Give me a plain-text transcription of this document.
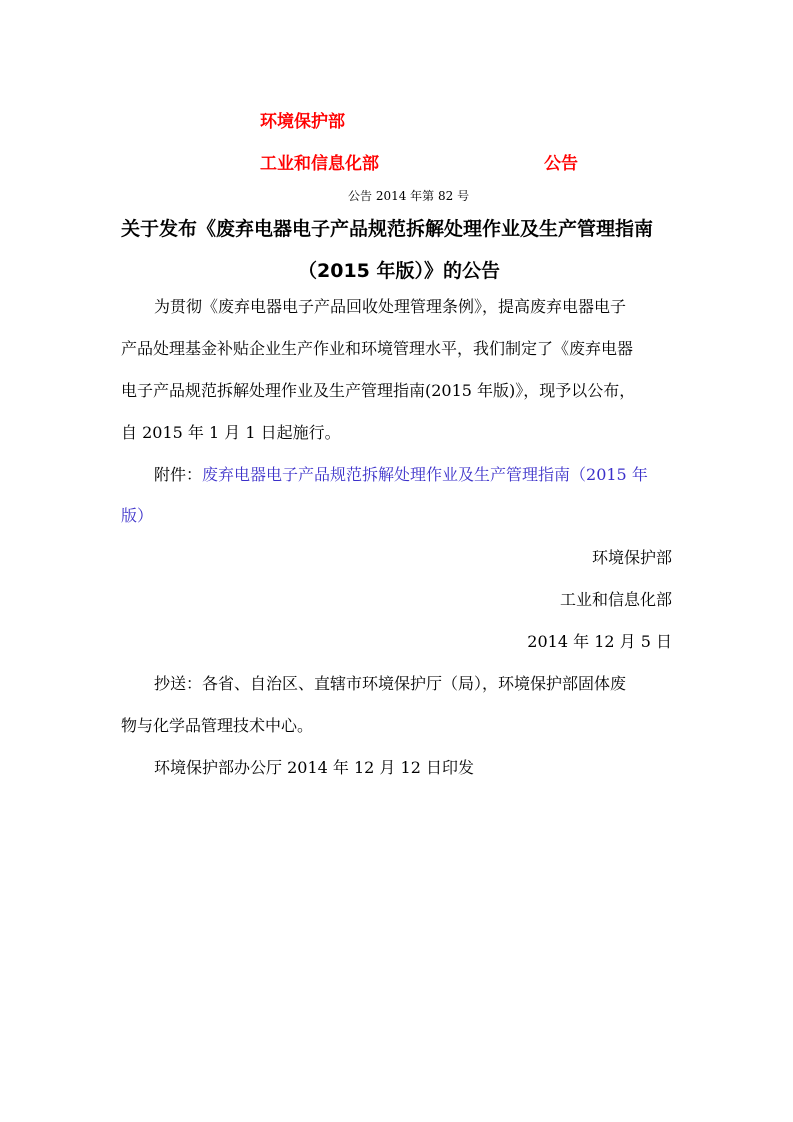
环境保护部
工业和信息化部	公告
公告 2014 年第 82 号
关于发布《废弃电器电子产品规范拆解处理作业及生产管理指南
（2015 年版）》的公告
为贯彻《废弃电器电子产品回收处理管理条例》，提高废弃电器电子
产品处理基金补贴企业生产作业和环境管理水平，我们制定了《废弃电器
电子产品规范拆解处理作业及生产管理指南(2015 年版)》，现予以公布，
自 2015 年 1 月 1 日起施行。
附件：废弃电器电子产品规范拆解处理作业及生产管理指南（2015 年
版）
环境保护部
工业和信息化部
2014 年 12 月 5 日
抄送：各省、自治区、直辖市环境保护厅（局），环境保护部固体废
物与化学品管理技术中心。
环境保护部办公厅 2014 年 12 月 12 日印发
